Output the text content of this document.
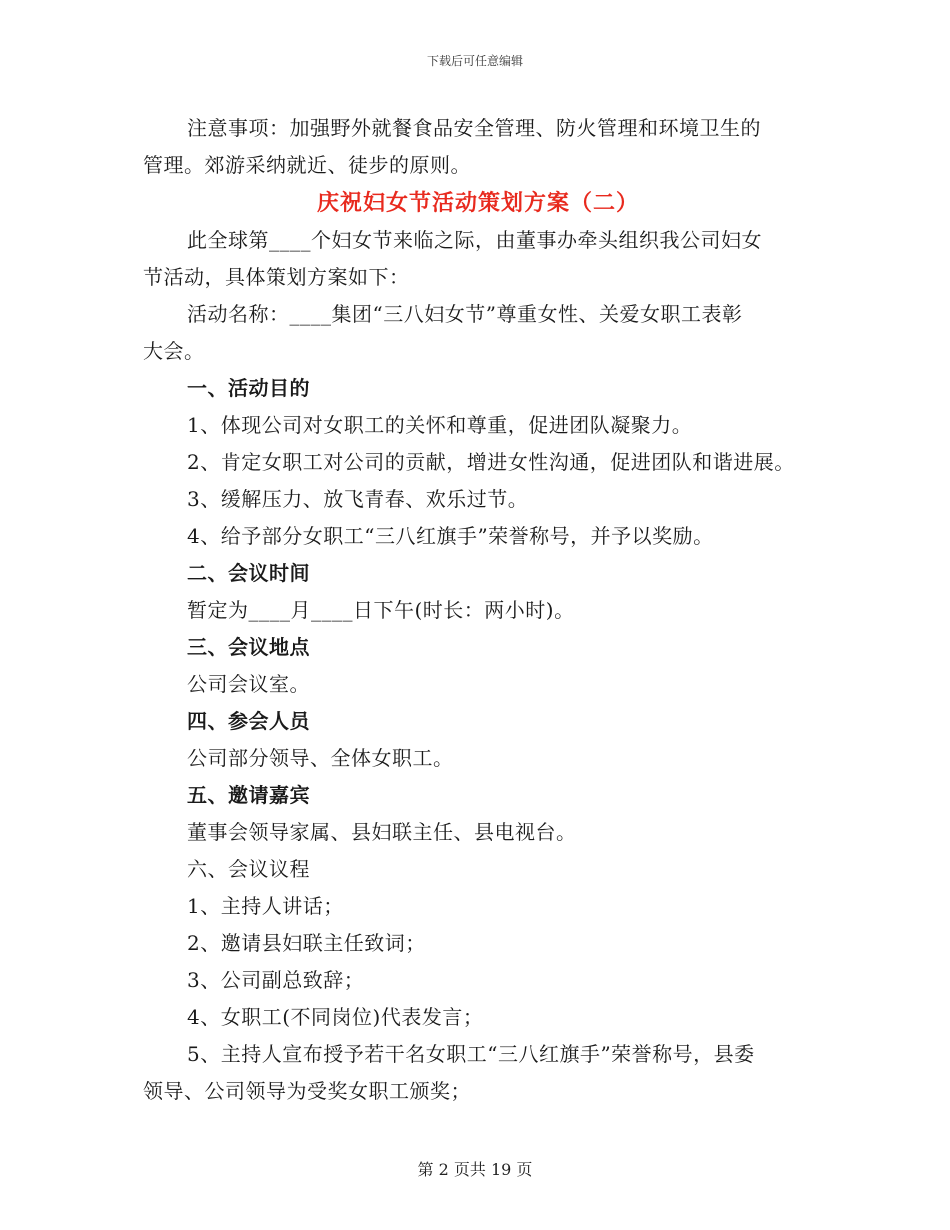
下载后可任意编辑
注意事项：加强野外就餐食品安全管理、防火管理和环境卫生的
管理。郊游采纳就近、徒步的原则。
庆祝妇女节活动策划方案（二）
此全球第____个妇女节来临之际，由董事办牵头组织我公司妇女
节活动，具体策划方案如下：
活动名称：____集团“三八妇女节”尊重女性、关爱女职工表彰
大会。
一、活动目的
1、体现公司对女职工的关怀和尊重，促进团队凝聚力。
2、肯定女职工对公司的贡献，增进女性沟通，促进团队和谐进展。
3、缓解压力、放飞青春、欢乐过节。
4、给予部分女职工“三八红旗手”荣誉称号，并予以奖励。
二、会议时间
暂定为____月____日下午(时长：两小时)。
三、会议地点
公司会议室。
四、参会人员
公司部分领导、全体女职工。
五、邀请嘉宾
董事会领导家属、县妇联主任、县电视台。
六、会议议程
1、主持人讲话；
2、邀请县妇联主任致词；
3、公司副总致辞；
4、女职工(不同岗位)代表发言；
5、主持人宣布授予若干名女职工“三八红旗手”荣誉称号，县委
领导、公司领导为受奖女职工颁奖；
第 2 页共 19 页
